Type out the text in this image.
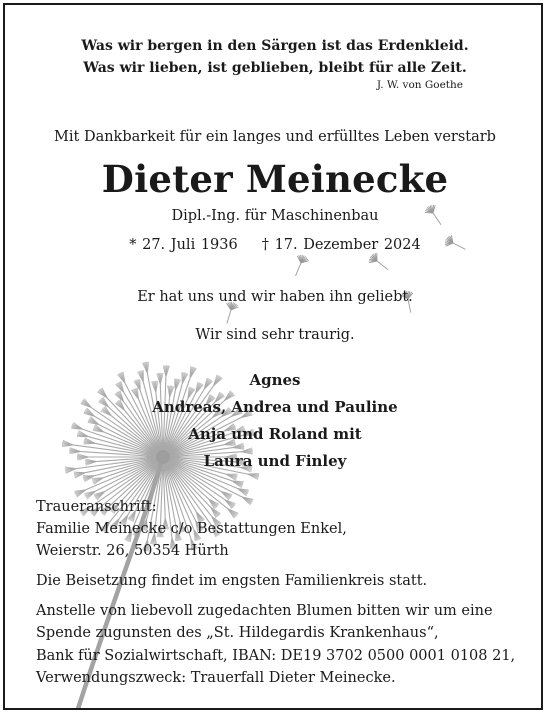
Was wir bergen in den Särgen ist das Erdenkleid.
Was wir lieben, ist geblieben, bleibt für alle Zeit.
J. W. von Goethe
Mit Dankbarkeit für ein langes und erfülltes Leben verstarb
Dieter Meinecke
Dipl.-Ing. für Maschinenbau
* 27. Juli 1936 † 17. Dezember 2024
Er hat uns und wir haben ihn geliebt.
Wir sind sehr traurig.
Agnes
Andreas, Andrea und Pauline
Anja und Roland mit
Laura und Finley
Traueranschrift:
Familie Meinecke c/o Bestattungen Enkel,
Weierstr. 26, 50354 Hürth
Die Beisetzung findet im engsten Familienkreis statt.
Anstelle von liebevoll zugedachten Blumen bitten wir um eine
Spende zugunsten des „St. Hildegardis Krankenhaus“,
Bank für Sozialwirtschaft, IBAN: DE19 3702 0500 0001 0108 21,
Verwendungszweck: Trauerfall Dieter Meinecke.
